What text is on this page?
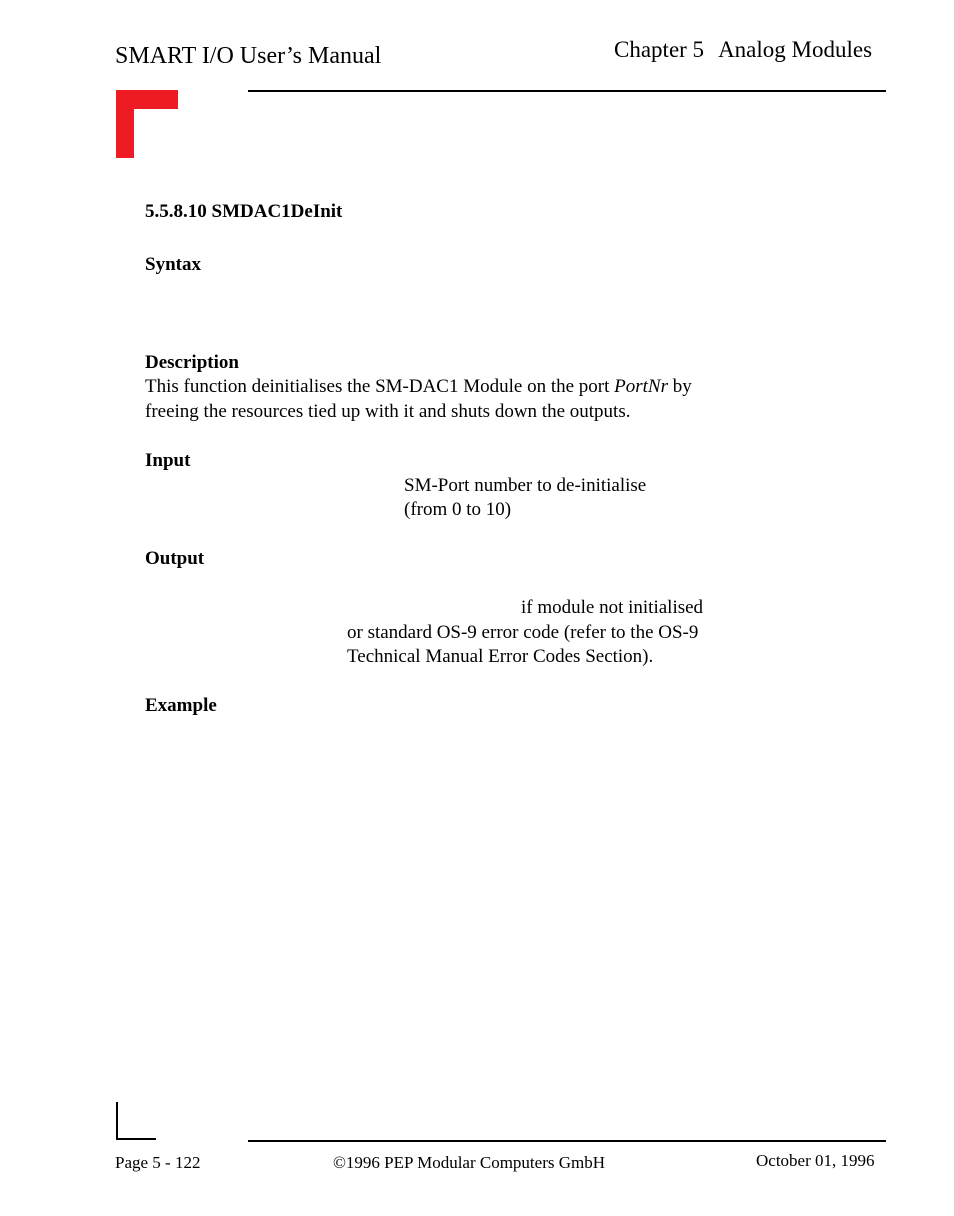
SMART I/O User’s Manual	Chapter 5 Analog Modules
5.5.8.10 SMDAC1DeInit
Syntax
Description
This function deinitialises the SM-DAC1 Module on the port PortNr by
freeing the resources tied up with it and shuts down the outputs.
Input
SM-Port number to de-initialise
(from 0 to 10)
Output
if module not initialised
or standard OS-9 error code (refer to the OS-9
Technical Manual Error Codes Section).
Example
Page 5 - 122	©1996 PEP Modular Computers GmbH	October 01, 1996
